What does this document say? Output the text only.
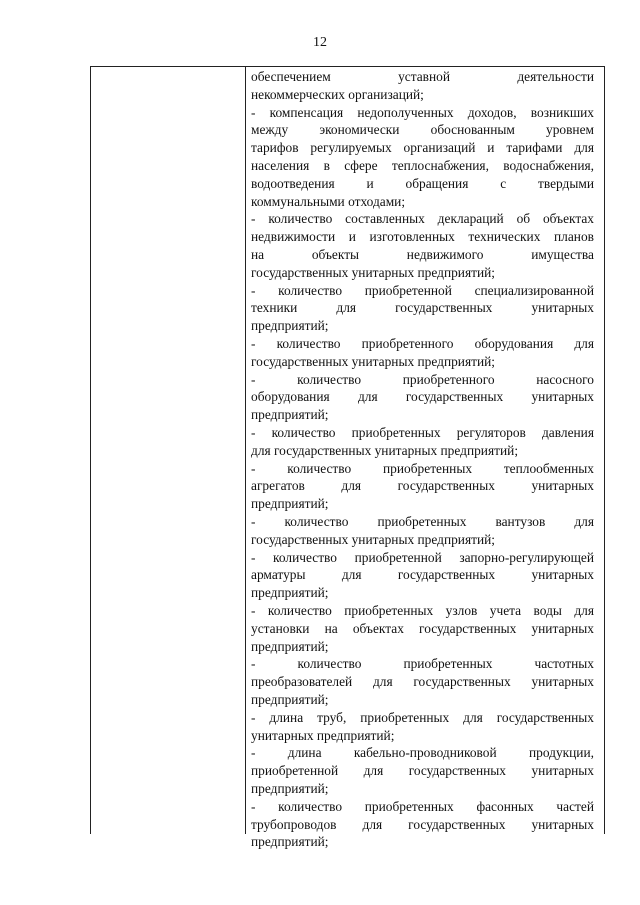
12
обеспечением уставной деятельности
некоммерческих организаций;
- компенсация недополученных доходов, возникших
между экономически обоснованным уровнем
тарифов регулируемых организаций и тарифами для
населения в сфере теплоснабжения, водоснабжения,
водоотведения и обращения с твердыми
коммунальными отходами;
- количество составленных деклараций об объектах
недвижимости и изготовленных технических планов
на объекты недвижимого имущества
государственных унитарных предприятий;
- количество приобретенной специализированной
техники для государственных унитарных
предприятий;
- количество приобретенного оборудования для
государственных унитарных предприятий;
- количество приобретенного насосного
оборудования для государственных унитарных
предприятий;
- количество приобретенных регуляторов давления
для государственных унитарных предприятий;
- количество приобретенных теплообменных
агрегатов для государственных унитарных
предприятий;
- количество приобретенных вантузов для
государственных унитарных предприятий;
- количество приобретенной запорно-регулирующей
арматуры для государственных унитарных
предприятий;
- количество приобретенных узлов учета воды для
установки на объектах государственных унитарных
предприятий;
- количество приобретенных частотных
преобразователей для государственных унитарных
предприятий;
- длина труб, приобретенных для государственных
унитарных предприятий;
- длина кабельно-проводниковой продукции,
приобретенной для государственных унитарных
предприятий;
- количество приобретенных фасонных частей
трубопроводов для государственных унитарных
предприятий;
